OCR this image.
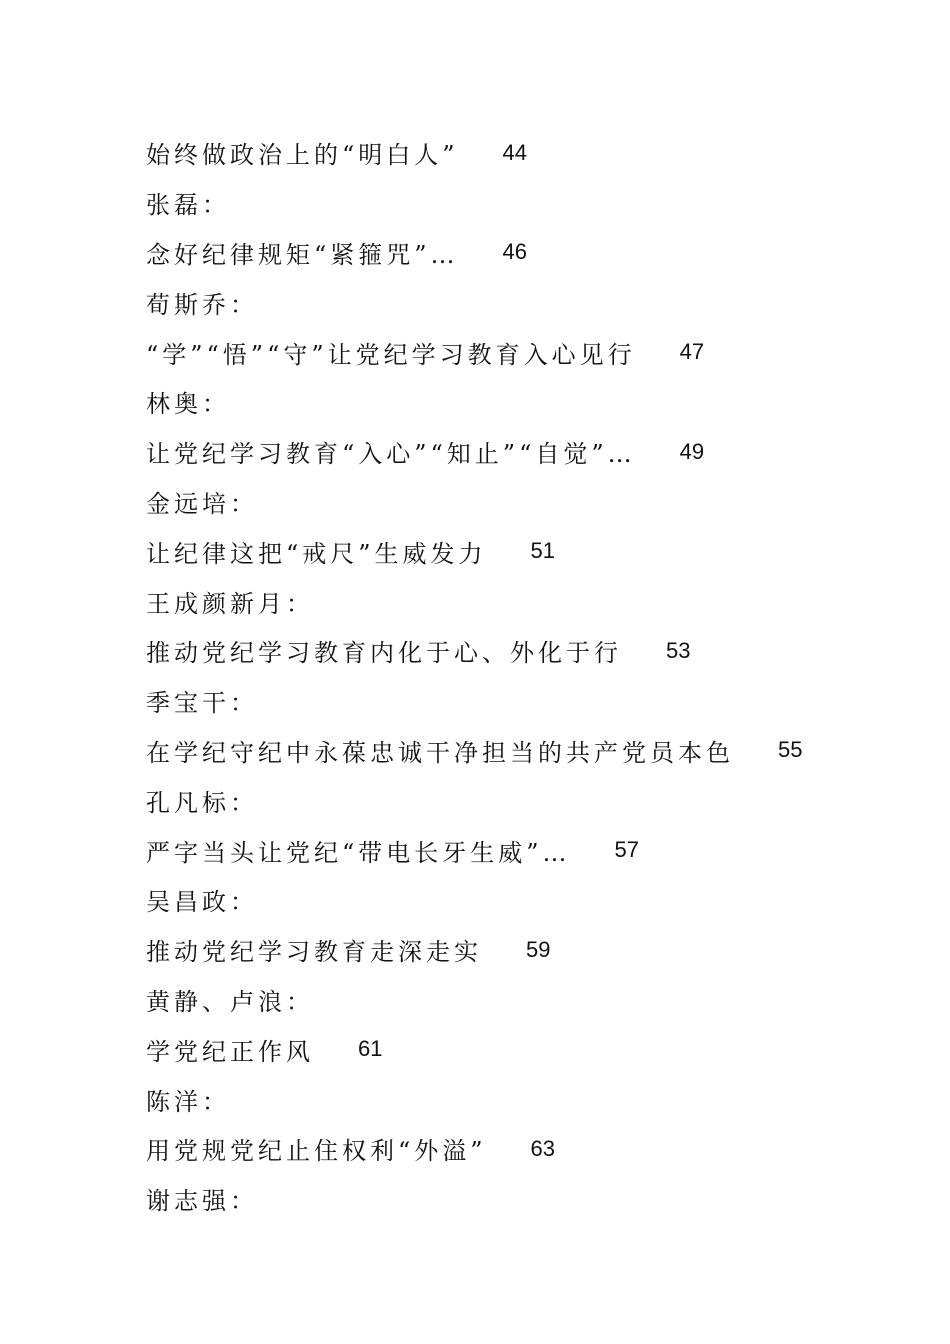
始终做政治上的“明白人” 44
张磊：
念好纪律规矩“紧箍咒”… 46
荀斯乔：
“学”“悟”“守”让党纪学习教育入心见行 47
林奥：
让党纪学习教育“入心”“知止”“自觉”… 49
金远培：
让纪律这把“戒尺”生威发力 51
王成颜新月：
推动党纪学习教育内化于心、外化于行 53
季宝干：
在学纪守纪中永葆忠诚干净担当的共产党员本色 55
孔凡标：
严字当头让党纪“带电长牙生威”… 57
吴昌政：
推动党纪学习教育走深走实 59
黄静、卢浪：
学党纪正作风 61
陈洋：
用党规党纪止住权利“外溢” 63
谢志强：
